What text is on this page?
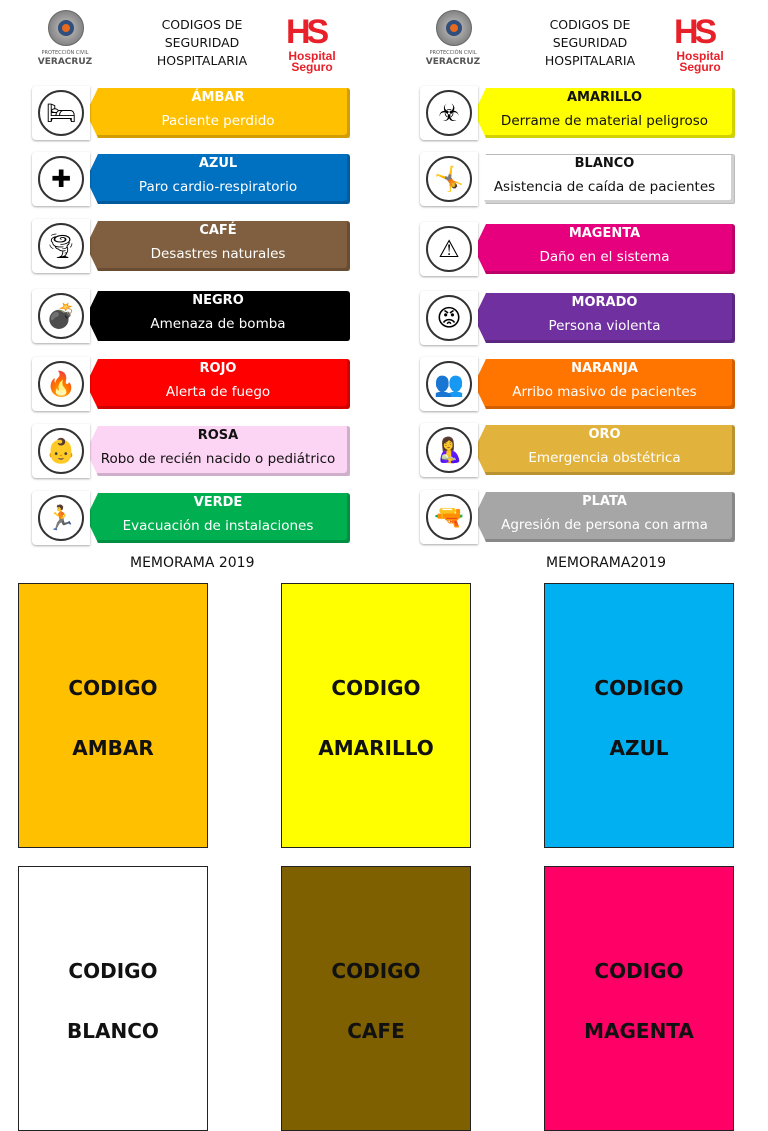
PROTECCIÓN CIVIL
VERACRUZ
CODIGOS DE
SEGURIDAD
HOSPITALARIA
HS
Hospital
Seguro
PROTECCIÓN CIVIL
VERACRUZ
CODIGOS DE
SEGURIDAD
HOSPITALARIA
HS
Hospital
Seguro
🛏
ÁMBAR
Paciente perdido
✚
AZUL
Paro cardio-respiratorio
🌪
CAFÉ
Desastres naturales
💣
NEGRO
Amenaza de bomba
🔥
ROJO
Alerta de fuego
👶
ROSA
Robo de recién nacido o pediátrico
🏃
VERDE
Evacuación de instalaciones
☣
AMARILLO
Derrame de material peligroso
🤸
BLANCO
Asistencia de caída de pacientes
⚠
MAGENTA
Daño en el sistema
😡
MORADO
Persona violenta
👥
NARANJA
Arribo masivo de pacientes
🤱
ORO
Emergencia obstétrica
🔫
PLATA
Agresión de persona con arma
MEMORAMA 2019	MEMORAMA2019
CODIGO
AMBAR
CODIGO
AMARILLO
CODIGO
AZUL
CODIGO
BLANCO
CODIGO
CAFE
CODIGO
MAGENTA
